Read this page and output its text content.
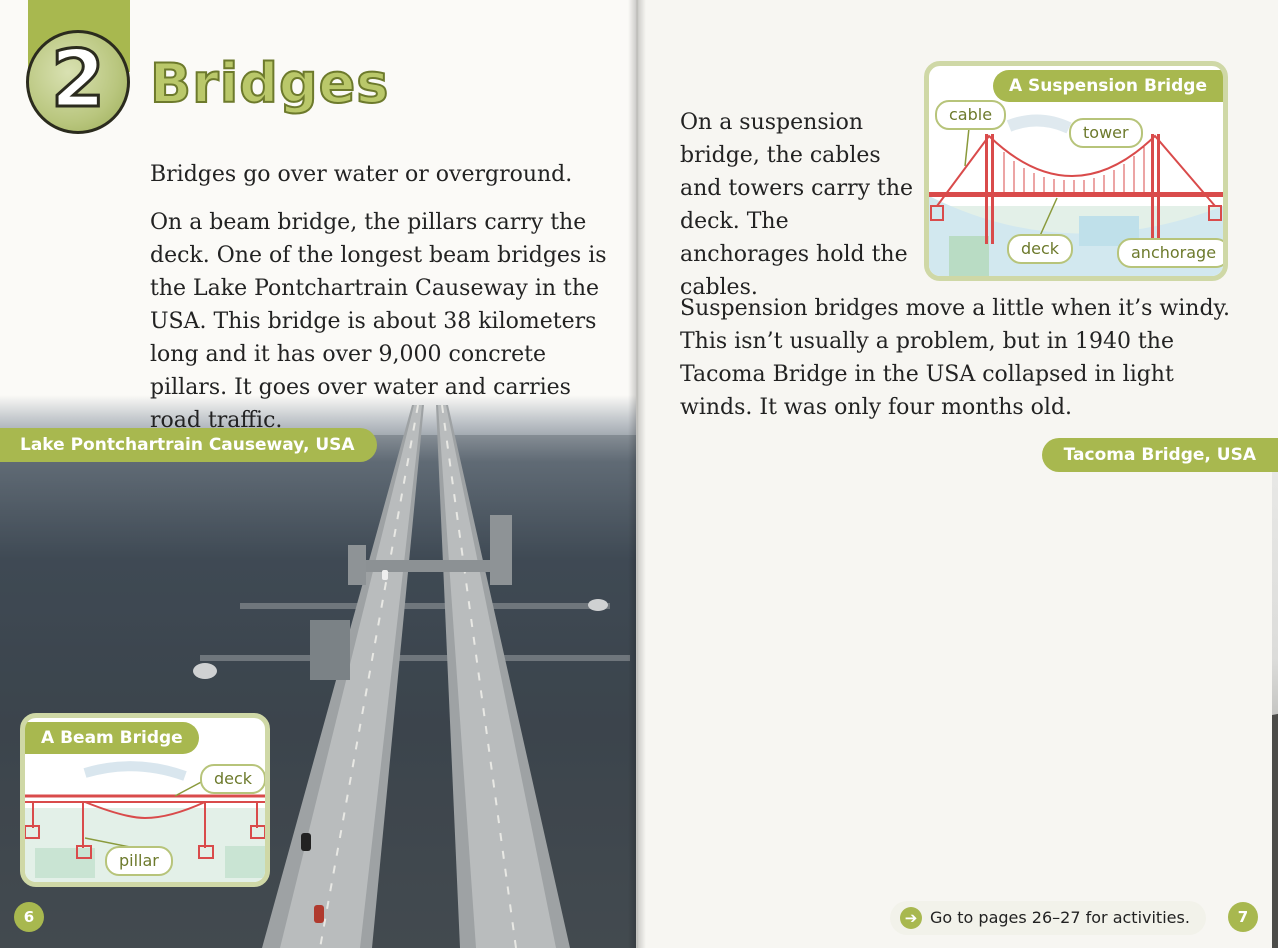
Lake Pontchartrain Causeway, USA
A Beam Bridge
deck
pillar
2 Bridges

Bridges go over water or overground.

On a beam bridge, the pillars carry the deck. One of the longest beam bridges is the Lake Pontchartrain Causeway in the USA. This bridge is about 38 kilometers long and it has over 9,000 concrete pillars. It goes over water and carries road traffic.

6
Tacoma Bridge, USA

On a suspension bridge, the cables and towers carry the deck. The anchorages hold the cables.

Suspension bridges move a little when it’s windy. This isn’t usually a problem, but in 1940 the Tacoma Bridge in the USA collapsed in light winds. It was only four months old.

A Suspension Bridge
cable
tower
deck	anchorage
➔ Go to pages 26–27 for activities.	7
